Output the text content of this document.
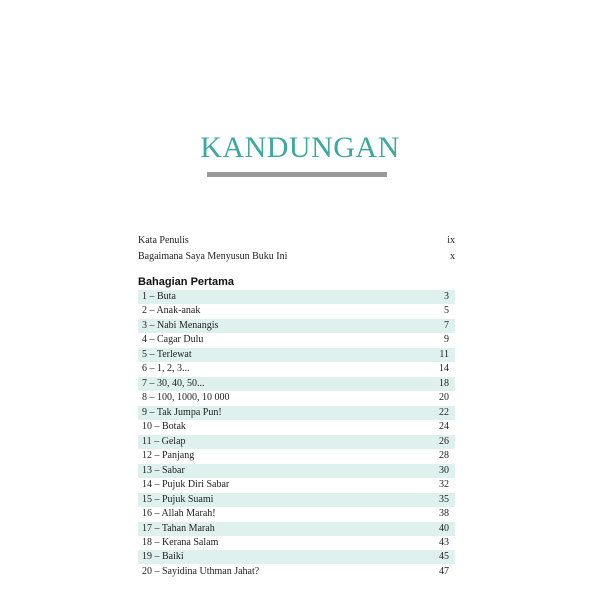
KANDUNGAN
Kata Penulis	ix
Bagaimana Saya Menyusun Buku Ini	x
Bahagian Pertama
1 – Buta	3
2 – Anak-anak	5
3 – Nabi Menangis	7
4 – Cagar Dulu	9
5 – Terlewat	11
6 – 1, 2, 3...	14
7 – 30, 40, 50...	18
8 – 100, 1000, 10 000	20
9 – Tak Jumpa Pun!	22
10 – Botak	24
11 – Gelap	26
12 – Panjang	28
13 – Sabar	30
14 – Pujuk Diri Sabar	32
15 – Pujuk Suami	35
16 – Allah Marah!	38
17 – Tahan Marah	40
18 – Kerana Salam	43
19 – Baiki	45
20 – Sayidina Uthman Jahat?	47
